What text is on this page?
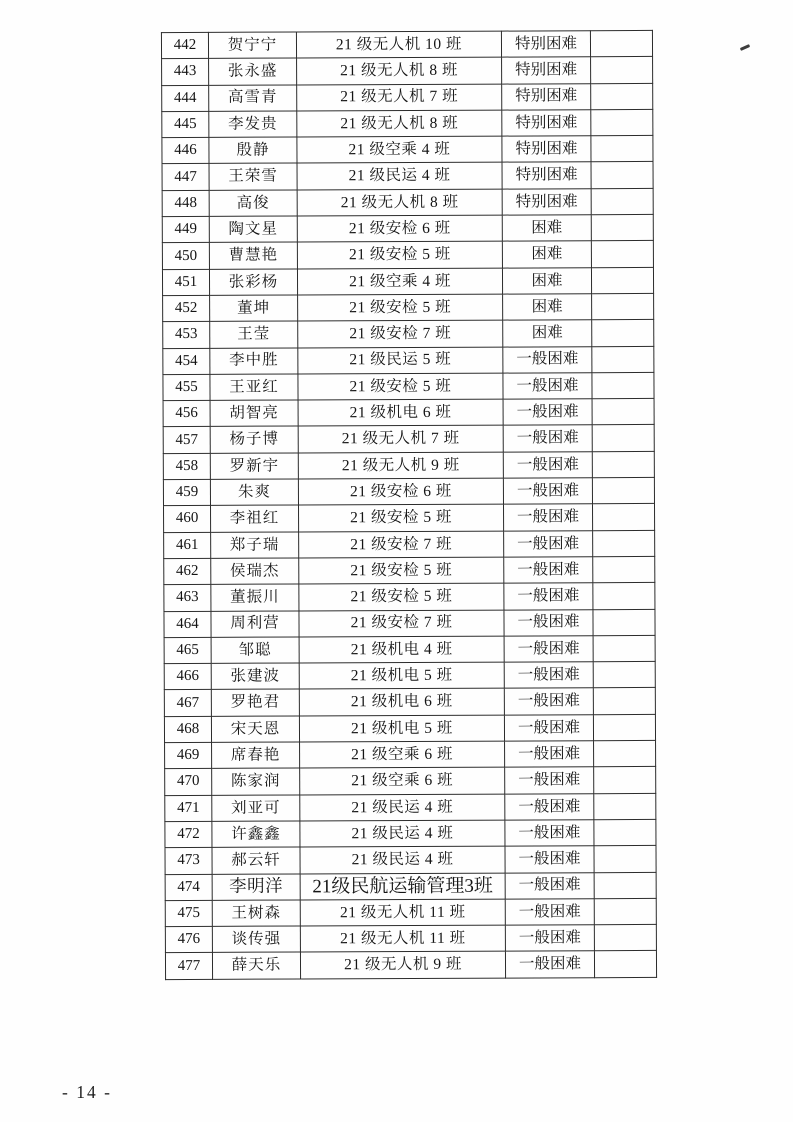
442	贺宁宁	21 级无人机 10 班	特别困难	
443	张永盛	21 级无人机 8 班	特别困难	
444	高雪青	21 级无人机 7 班	特别困难	
445	李发贵	21 级无人机 8 班	特别困难	
446	殷静	21 级空乘 4 班	特别困难	
447	王荣雪	21 级民运 4 班	特别困难	
448	高俊	21 级无人机 8 班	特别困难	
449	陶文星	21 级安检 6 班	困难	
450	曹慧艳	21 级安检 5 班	困难	
451	张彩杨	21 级空乘 4 班	困难	
452	董坤	21 级安检 5 班	困难	
453	王莹	21 级安检 7 班	困难	
454	李中胜	21 级民运 5 班	一般困难	
455	王亚红	21 级安检 5 班	一般困难	
456	胡智亮	21 级机电 6 班	一般困难	
457	杨子博	21 级无人机 7 班	一般困难	
458	罗新宇	21 级无人机 9 班	一般困难	
459	朱爽	21 级安检 6 班	一般困难	
460	李祖红	21 级安检 5 班	一般困难	
461	郑子瑞	21 级安检 7 班	一般困难	
462	侯瑞杰	21 级安检 5 班	一般困难	
463	董振川	21 级安检 5 班	一般困难	
464	周利营	21 级安检 7 班	一般困难	
465	邹聪	21 级机电 4 班	一般困难	
466	张建波	21 级机电 5 班	一般困难	
467	罗艳君	21 级机电 6 班	一般困难	
468	宋天恩	21 级机电 5 班	一般困难	
469	席春艳	21 级空乘 6 班	一般困难	
470	陈家润	21 级空乘 6 班	一般困难	
471	刘亚可	21 级民运 4 班	一般困难	
472	许鑫鑫	21 级民运 4 班	一般困难	
473	郝云轩	21 级民运 4 班	一般困难	
474	李明洋	21级民航运输管理3班	一般困难	
475	王树森	21 级无人机 11 班	一般困难	
476	谈传强	21 级无人机 11 班	一般困难	
477	薛天乐	21 级无人机 9 班	一般困难	
- 14 -
